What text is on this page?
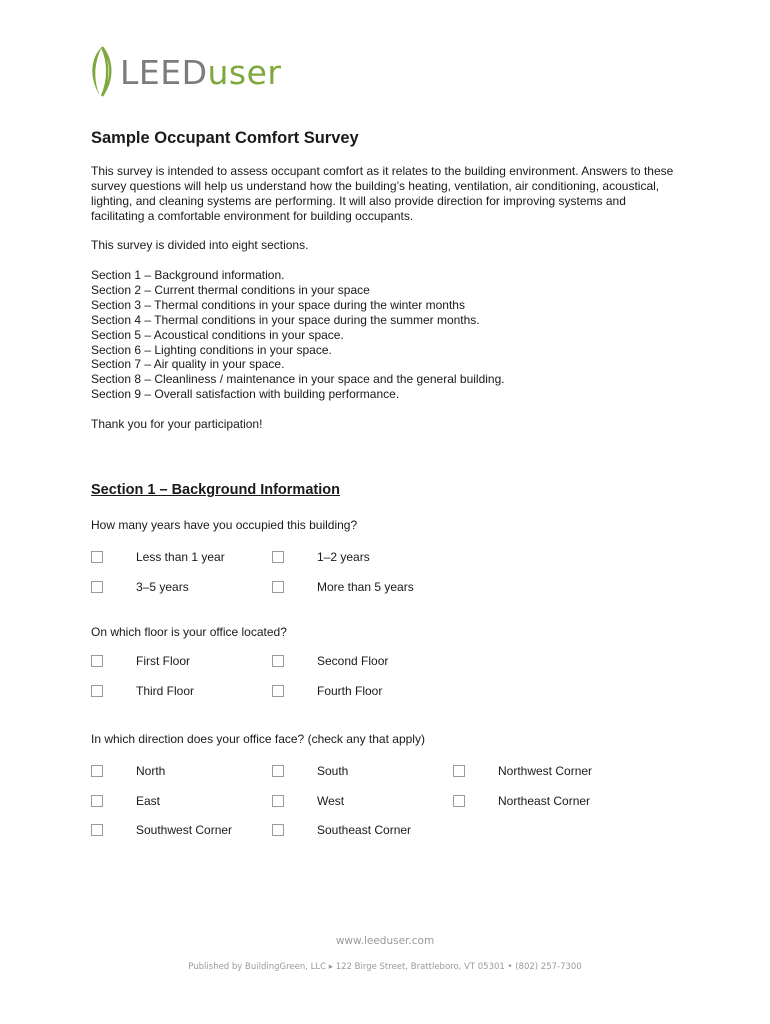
LEEDuser
Sample Occupant Comfort Survey

This survey is intended to assess occupant comfort as it relates to the building environment. Answers to these survey questions will help us understand how the building’s heating, ventilation, air conditioning, acoustical, lighting, and cleaning systems are performing. It will also provide direction for improving systems and facilitating a comfortable environment for building occupants.

This survey is divided into eight sections.

Section 1 – Background information.
Section 2 – Current thermal conditions in your space
Section 3 – Thermal conditions in your space during the winter months
Section 4 – Thermal conditions in your space during the summer months.
Section 5 – Acoustical conditions in your space.
Section 6 – Lighting conditions in your space.
Section 7 – Air quality in your space.
Section 8 – Cleanliness / maintenance in your space and the general building.
Section 9 – Overall satisfaction with building performance.

Thank you for your participation!

Section 1 – Background Information

How many years have you occupied this building?

Less than 1 year	1–2 years
3–5 years	More than 5 years

On which floor is your office located?

First Floor	Second Floor
Third Floor	Fourth Floor

In which direction does your office face? (check any that apply)

North	South	Northwest Corner
East	West	Northeast Corner
Southwest Corner	Southeast Corner

www.leeduser.com

Published by BuildingGreen, LLC ▸ 122 Birge Street, Brattleboro, VT 05301 • (802) 257-7300
